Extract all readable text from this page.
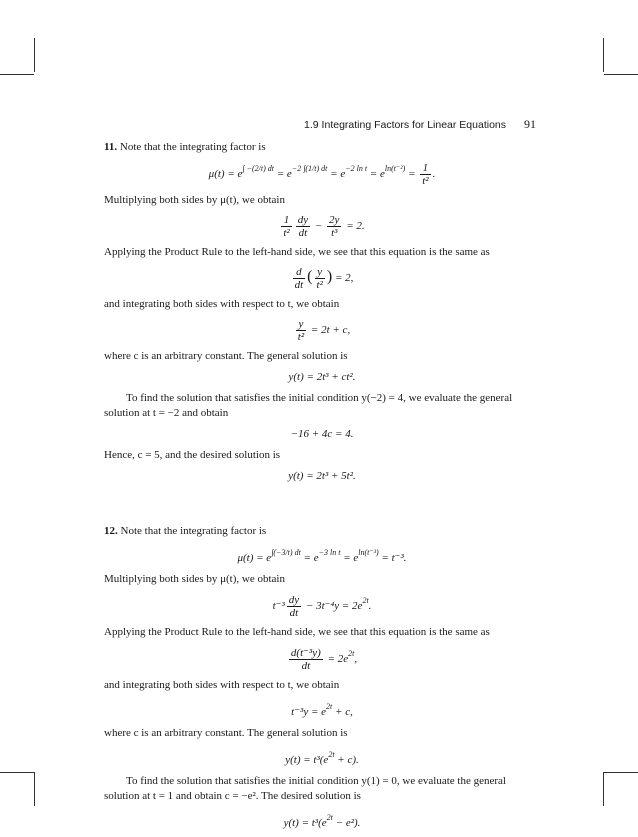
1.9 Integrating Factors for Linear Equations 91

11. Note that the integrating factor is

$\mu(t) = e^{\int -(2/t) dt} = e^{-2 \int(1/t) dt} = e^{-2 ln t} = e^{ln(t^{-2})} = \frac{1}{\text{t²}}$ .

Multiplying both sides by μ(t), we obtain

$\frac{1}{\text{t²}} \frac{dy}{dt} - \frac{2y}{\text{t³}} = 2$.

Applying the Product Rule to the left-hand side, we see that this equation is the same as

$\frac{d}{dt}$ ( $\frac{y}{\text{t²}}$ ) = 2,

and integrating both sides with respect to t, we obtain

$\frac{y}{\text{t²}} = 2t + c$,

where c is an arbitrary constant. The general solution is

y(t) = 2t³ + ct².

To find the solution that satisfies the initial condition y(−2) = 4, we evaluate the general solution at t = −2 and obtain

−16 + 4c = 4.

Hence, c = 5, and the desired solution is

y(t) = 2t³ + 5t².

12. Note that the integrating factor is

$\mu(t) = e^{\int(-3/t) dt} = e^{-3 ln t} = e^{ln(t^{-3})} = t^{-3}$.

Multiplying both sides by μ(t), we obtain

$t^{-3} \frac{dy}{dt} - 3t^{-4}y = 2e^{2t}$.

Applying the Product Rule to the left-hand side, we see that this equation is the same as

$\frac{\text{d(t⁻³y)}}{dt} = 2e^{2t}$,

and integrating both sides with respect to t, we obtain

$t^{-3}y = e^{2t} + c$,

where c is an arbitrary constant. The general solution is

$y(t) = t^3(e^{2t} + c)$.

To find the solution that satisfies the initial condition y(1) = 0, we evaluate the general solution at t = 1 and obtain c = −e². The desired solution is

$y(t) = t^3(e^{2t} - e^2)$.
